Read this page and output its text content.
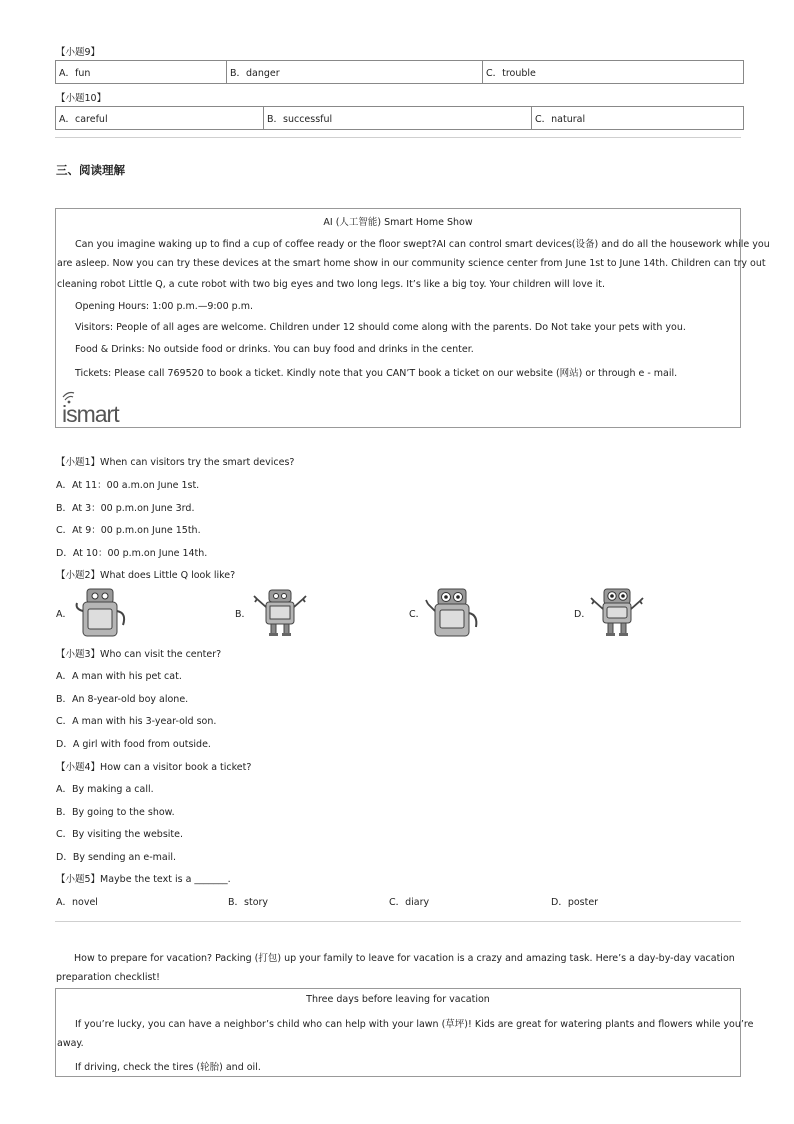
【小题9】
A．fun	B．danger	C．trouble
【小题10】
A．careful	B．successful	C．natural
三、阅读理解
AI (人工智能) Smart Home Show
Can you imagine waking up to find a cup of coffee ready or the floor swept?AI can control smart devices(设备) and do all the housework while you
are asleep. Now you can try these devices at the smart home show in our community science center from June 1st to June 14th. Children can try out
cleaning robot Little Q, a cute robot with two big eyes and two long legs. It’s like a big toy. Your children will love it.
Opening Hours: 1:00 p.m.—9:00 p.m.
Visitors: People of all ages are welcome. Children under 12 should come along with the parents. Do Not take your pets with you.
Food & Drinks: No outside food or drinks. You can buy food and drinks in the center.
Tickets: Please call 769520 to book a ticket. Kindly note that you CAN’T book a ticket on our website (网站) or through e - mail.
ismart
【小题1】When can visitors try the smart devices?
A．At 11：00 a.m.on June 1st.
B．At 3：00 p.m.on June 3rd.
C．At 9：00 p.m.on June 15th.
D．At 10：00 p.m.on June 14th.
【小题2】What does Little Q look like?
A．	B．	C．	D．
【小题3】Who can visit the center?
A．A man with his pet cat.
B．An 8-year-old boy alone.
C．A man with his 3-year-old son.
D．A girl with food from outside.
【小题4】How can a visitor book a ticket?
A．By making a call.
B．By going to the show.
C．By visiting the website.
D．By sending an e-mail.
【小题5】Maybe the text is a _______.
A．novel	B．story	C．diary	D．poster
How to prepare for vacation? Packing (打包) up your family to leave for vacation is a crazy and amazing task. Here’s a day-by-day vacation
preparation checklist!
Three days before leaving for vacation
If you’re lucky, you can have a neighbor’s child who can help with your lawn (草坪)! Kids are great for watering plants and flowers while you’re
away.
If driving, check the tires (轮胎) and oil.
